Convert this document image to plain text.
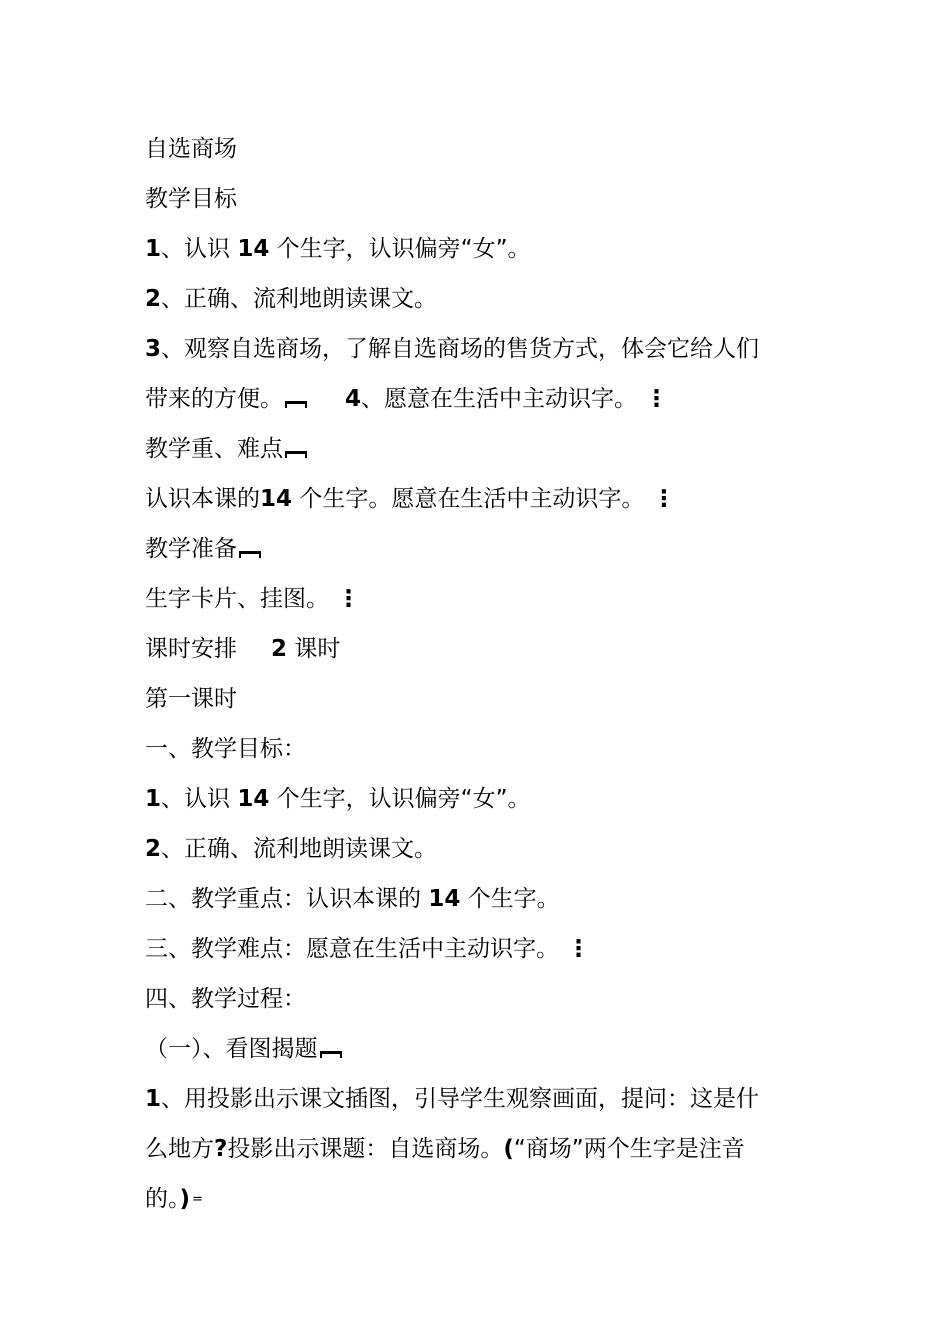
自选商场
教学目标
1、认识 14 个生字，认识偏旁“女”。
2、正确、流利地朗读课文。
3、观察自选商场，了解自选商场的售货方式，体会它给人们
带来的方便。	4、愿意在生活中主动识字。 ⋮
教学重、难点
认识本课的14 个生字。愿意在生活中主动识字。 ⋮
教学准备
生字卡片、挂图。 ⋮
课时安排 2 课时
第一课时
一、教学目标：
1、认识 14 个生字，认识偏旁“女”。
2、正确、流利地朗读课文。
二、教学重点：认识本课的 14 个生字。
三、教学难点：愿意在生活中主动识字。 ⋮
四、教学过程：
（一）、看图揭题
1、用投影出示课文插图，引导学生观察画面，提问：这是什
么地方?投影出示课题：自选商场。(“商场”两个生字是注音
的。) =
